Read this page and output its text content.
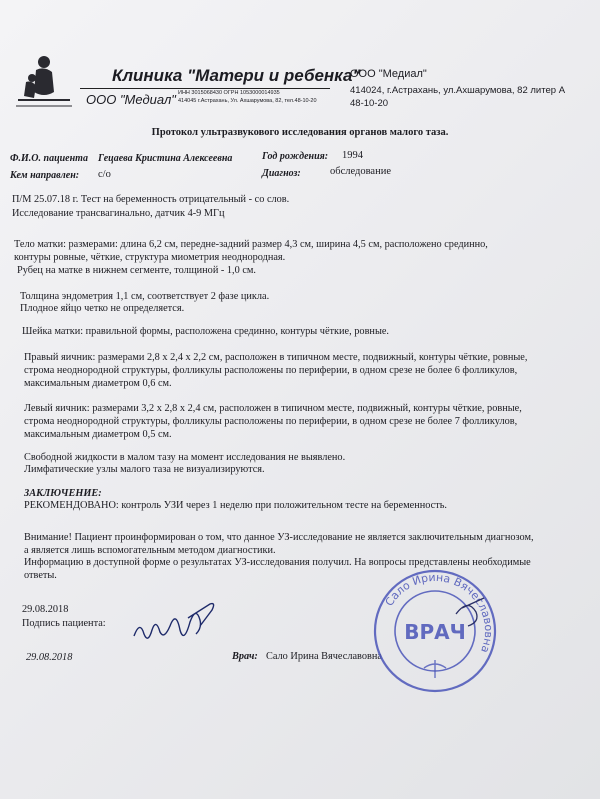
Клиника "Матери и ребенка"
ООО "Медиал" ИНН 3015068430 ОГРН 1053000014935
414045 г.Астрахань, Ул. Ахшарумова, 82, тел.48-10-20
ООО "Медиал"
414024, г.Астрахань, ул.Ахшарумова, 82 литер А
48-10-20
Протокол ультразвукового исследования органов малого таза.
Ф.И.О. пациента Гецаева Кристина Алексеевна	Год рождения: 1994
Кем направлен: с/о	Диагноз:	обследование
П/М 25.07.18 г. Тест на беременность отрицательный - со слов.
Исследование трансвагинально, датчик 4-9 МГц
Тело матки: размерами: длина 6,2 см, передне-задний размер 4,3 см, ширина 4,5 см, расположено срединно,
контуры ровные, чёткие, структура миометрия неоднородная.
Рубец на матке в нижнем сегменте, толщиной - 1,0 см.
Толщина эндометрия 1,1 см, соответствует 2 фазе цикла.
Плодное яйцо четко не определяется.
Шейка матки: правильной формы, расположена срединно, контуры чёткие, ровные.
Правый яичник: размерами 2,8 х 2,4 х 2,2 см, расположен в типичном месте, подвижный, контуры чёткие, ровные,
строма неоднородной структуры, фолликулы расположены по периферии, в одном срезе не более 6 фолликулов,
максимальным диаметром 0,6 см.
Левый яичник: размерами 3,2 х 2,8 х 2,4 см, расположен в типичном месте, подвижный, контуры чёткие, ровные,
строма неоднородной структуры, фолликулы расположены по периферии, в одном срезе не более 7 фолликулов,
максимальным диаметром 0,5 см.
Свободной жидкости в малом тазу на момент исследования не выявлено.
Лимфатические узлы малого таза не визуализируются.
ЗАКЛЮЧЕНИЕ:
РЕКОМЕНДОВАНО: контроль УЗИ через 1 неделю при положительном тесте на беременность.
Внимание! Пациент проинформирован о том, что данное УЗ-исследование не является заключительным диагнозом,
а является лишь вспомогательным методом диагностики.
Информацию в доступной форме о результатах УЗ-исследования получил. На вопросы представлены необходимые
ответы.
29.08.2018
Подпись пациента:
29.08.2018	Врач: Сало Ирина Вячеславовна
Сало Ирина Вячеславовна
ВРАЧ
